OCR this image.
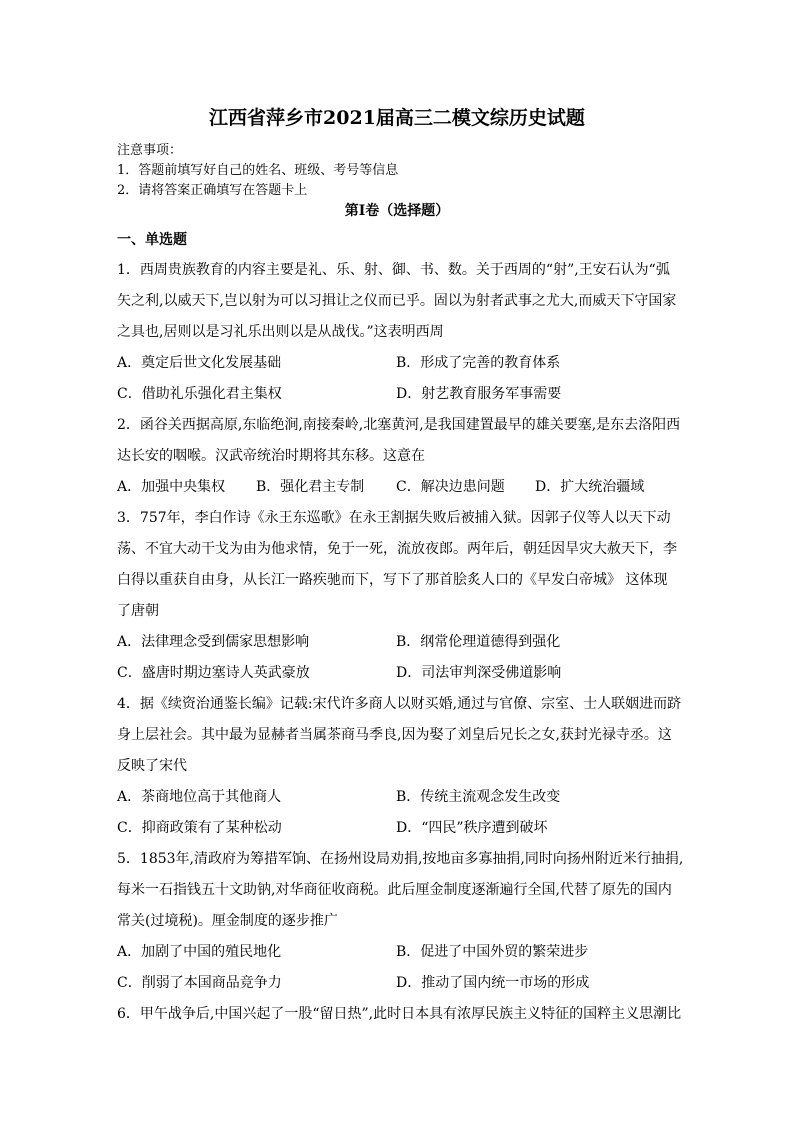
江西省萍乡市2021届高三二模文综历史试题
注意事项：
1．答题前填写好自己的姓名、班级、考号等信息
2．请将答案正确填写在答题卡上
第I卷（选择题）
一、单选题
1．西周贵族教育的内容主要是礼、乐、射、御、书、数。关于西周的“射”,王安石认为“弧
矢之利,以威天下,岂以射为可以习揖让之仪而已乎。固以为射者武事之尤大,而威天下守国家
之具也,居则以是习礼乐出则以是从战伐。”这表明西周
A．奠定后世文化发展基础	B．形成了完善的教育体系
C．借助礼乐强化君主集权	D．射艺教育服务军事需要
2．函谷关西据高原,东临绝涧,南接秦岭,北塞黄河,是我国建置最早的雄关要塞,是东去洛阳西
达长安的咽喉。汉武帝统治时期将其东移。这意在
A．加强中央集权 B．强化君主专制 C．解决边患问题 D．扩大统治疆域
3．757年，李白作诗《永王东巡歌》在永王割据失败后被捕入狱。因郭子仪等人以天下动
荡、不宜大动干戈为由为他求情，免于一死，流放夜郎。两年后，朝廷因旱灾大赦天下，李
白得以重获自由身，从长江一路疾驰而下，写下了那首脍炙人口的《早发白帝城》 这体现
了唐朝
A．法律理念受到儒家思想影响	B．纲常伦理道德得到强化
C．盛唐时期边塞诗人英武豪放	D．司法审判深受佛道影响
4．据《续资治通鉴长编》记载:宋代许多商人以财买婚,通过与官僚、宗室、士人联姻进而跻
身上层社会。其中最为显赫者当属茶商马季良,因为娶了刘皇后兄长之女,获封光禄寺丞。这
反映了宋代
A．茶商地位高于其他商人	B．传统主流观念发生改变
C．抑商政策有了某种松动	D．“四民”秩序遭到破坏
5．1853年,清政府为筹措军饷、在扬州设局劝捐,按地亩多寡抽捐,同时向扬州附近米行抽捐,
每米一石指钱五十文助钠,对华商征收商税。此后厘金制度逐渐遍行全国,代替了原先的国内
常关(过境税)。厘金制度的逐步推广
A．加剧了中国的殖民地化	B．促进了中国外贸的繁荣进步
C．削弱了本国商品竞争力	D．推动了国内统一市场的形成
6．甲午战争后,中国兴起了一股“留日热”,此时日本具有浓厚民族主义特征的国粹主义思潮比
